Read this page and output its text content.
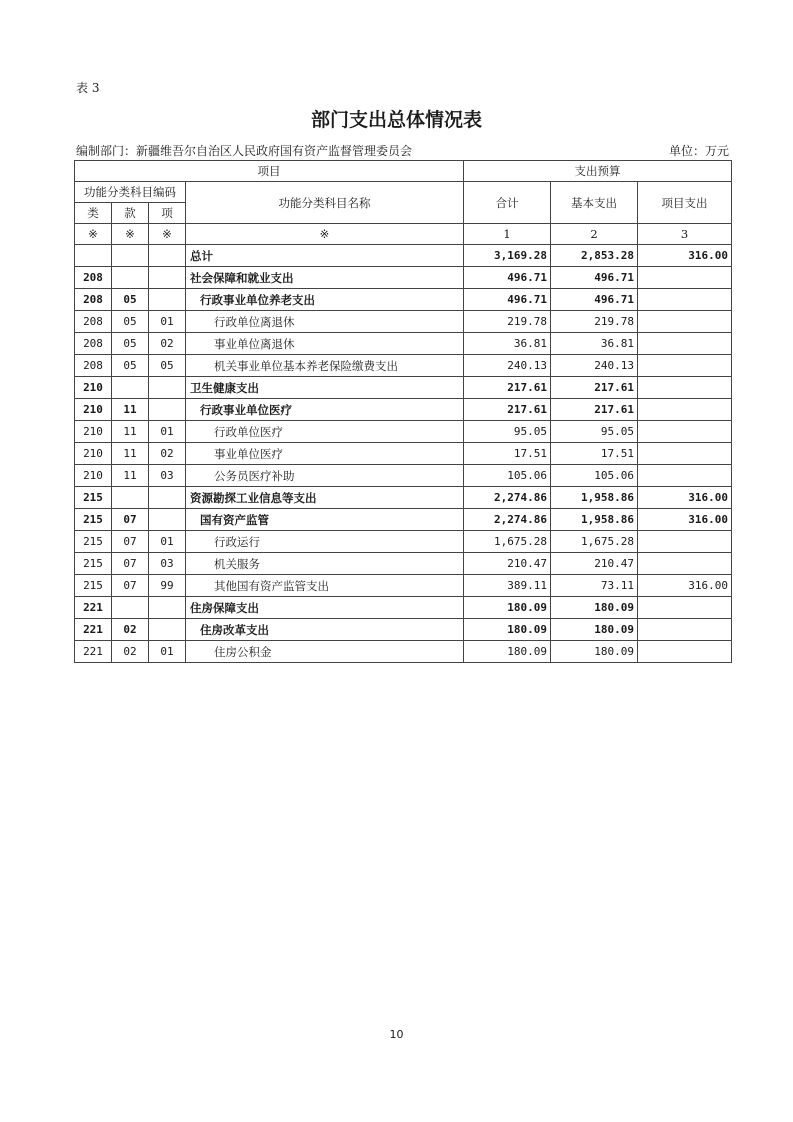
表 3
部门支出总体情况表
编制部门：新疆维吾尔自治区人民政府国有资产监督管理委员会	单位：万元
项目				支出预算		
功能分类科目编码			功能分类科目名称	合计	基本支出	项目支出
类	款	项				
※	※	※	※	1	2	3
			总计	3,169.28	2,853.28	316.00
208			社会保障和就业支出	496.71	496.71	
208	05		行政事业单位养老支出	496.71	496.71	
208	05	01	行政单位离退休	219.78	219.78	
208	05	02	事业单位离退休	36.81	36.81	
208	05	05	机关事业单位基本养老保险缴费支出	240.13	240.13	
210			卫生健康支出	217.61	217.61	
210	11		行政事业单位医疗	217.61	217.61	
210	11	01	行政单位医疗	95.05	95.05	
210	11	02	事业单位医疗	17.51	17.51	
210	11	03	公务员医疗补助	105.06	105.06	
215			资源勘探工业信息等支出	2,274.86	1,958.86	316.00
215	07		国有资产监管	2,274.86	1,958.86	316.00
215	07	01	行政运行	1,675.28	1,675.28	
215	07	03	机关服务	210.47	210.47	
215	07	99	其他国有资产监管支出	389.11	73.11	316.00
221			住房保障支出	180.09	180.09	
221	02		住房改革支出	180.09	180.09	
221	02	01	住房公积金	180.09	180.09	
10
